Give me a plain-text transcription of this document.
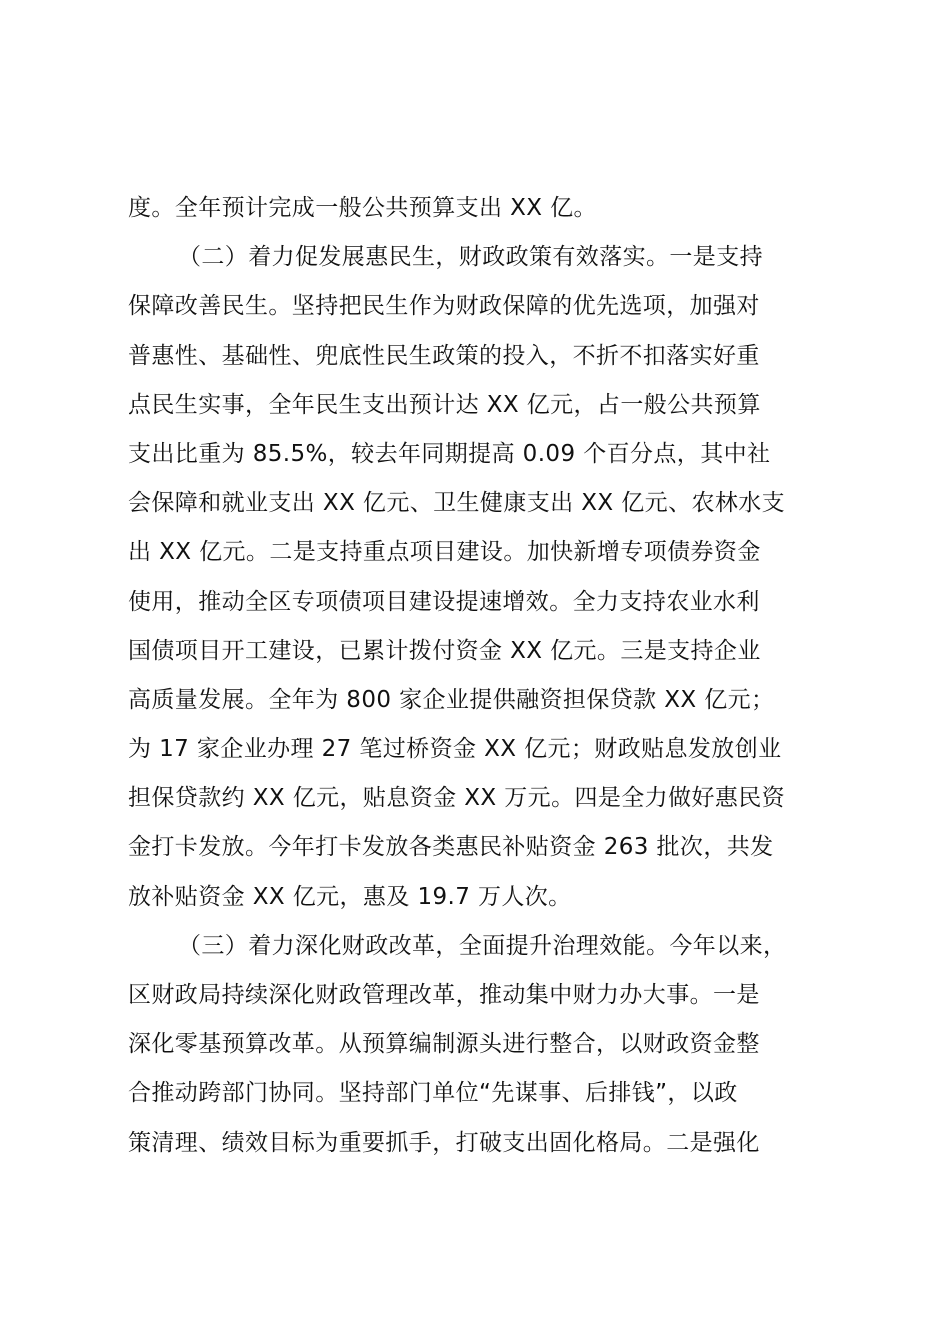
度。全年预计完成一般公共预算支出 XX 亿。
（二）着力促发展惠民生，财政政策有效落实。一是支持
保障改善民生。坚持把民生作为财政保障的优先选项，加强对
普惠性、基础性、兜底性民生政策的投入，不折不扣落实好重
点民生实事，全年民生支出预计达 XX 亿元，占一般公共预算
支出比重为 85.5%，较去年同期提高 0.09 个百分点，其中社
会保障和就业支出 XX 亿元、卫生健康支出 XX 亿元、农林水支
出 XX 亿元。二是支持重点项目建设。加快新增专项债券资金
使用，推动全区专项债项目建设提速增效。全力支持农业水利
国债项目开工建设，已累计拨付资金 XX 亿元。三是支持企业
高质量发展。全年为 800 家企业提供融资担保贷款 XX 亿元；
为 17 家企业办理 27 笔过桥资金 XX 亿元；财政贴息发放创业
担保贷款约 XX 亿元，贴息资金 XX 万元。四是全力做好惠民资
金打卡发放。今年打卡发放各类惠民补贴资金 263 批次，共发
放补贴资金 XX 亿元，惠及 19.7 万人次。
（三）着力深化财政改革，全面提升治理效能。今年以来，
区财政局持续深化财政管理改革，推动集中财力办大事。一是
深化零基预算改革。从预算编制源头进行整合，以财政资金整
合推动跨部门协同。坚持部门单位“先谋事、后排钱”，以政
策清理、绩效目标为重要抓手，打破支出固化格局。二是强化
